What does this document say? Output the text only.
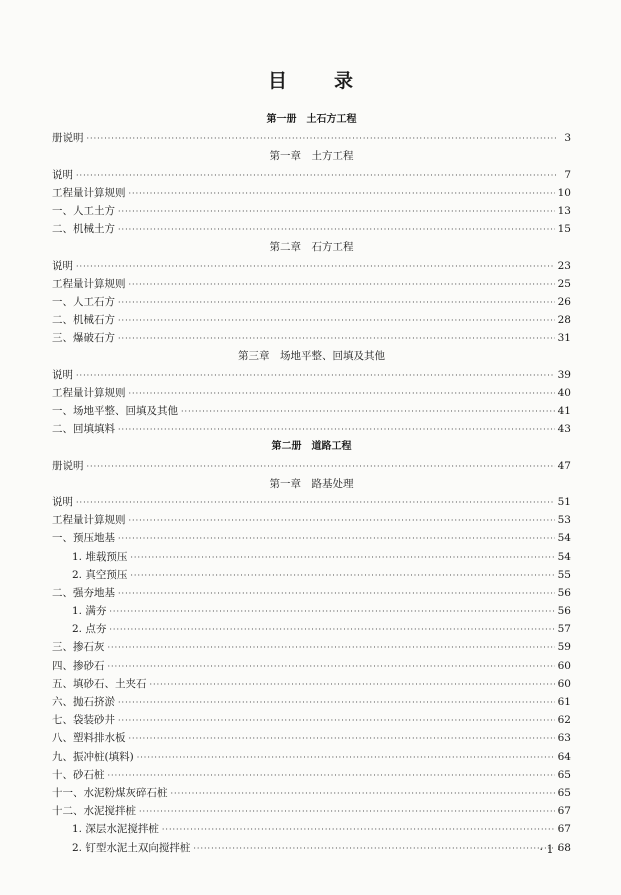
目　录
第一册　土石方工程
册说明 ·····	3
第一章　土方工程
说明 ·····	7
工程量计算规则 ·····	10
一、人工土方 ·····	13
二、机械土方 ·····	15
第二章　石方工程
说明 ·····	23
工程量计算规则 ·····	25
一、人工石方 ·····	26
二、机械石方 ·····	28
三、爆破石方 ·····	31
第三章　场地平整、回填及其他
说明 ·····	39
工程量计算规则 ·····	40
一、场地平整、回填及其他 ·····	41
二、回填填料 ·····	43
第二册　道路工程
册说明 ·····	47
第一章　路基处理
说明 ·····	51
工程量计算规则 ·····	53
一、预压地基 ·····	54
1. 堆载预压 ·····	54
2. 真空预压 ·····	55
二、强夯地基 ·····	56
1. 满夯 ·····	56
2. 点夯 ·····	57
三、掺石灰 ·····	59
四、掺砂石 ·····	60
五、填砂石、土夹石 ·····	60
六、抛石挤淤 ·····	61
七、袋装砂井 ·····	62
八、塑料排水板 ·····	63
九、振冲桩(填料) ·····	64
十、砂石桩 ·····	65
十一、水泥粉煤灰碎石桩 ·····	65
十二、水泥搅拌桩 ·····	67
1. 深层水泥搅拌桩 ·····	67
2. 钉型水泥土双向搅拌桩 ·····	68
· 1 ·
